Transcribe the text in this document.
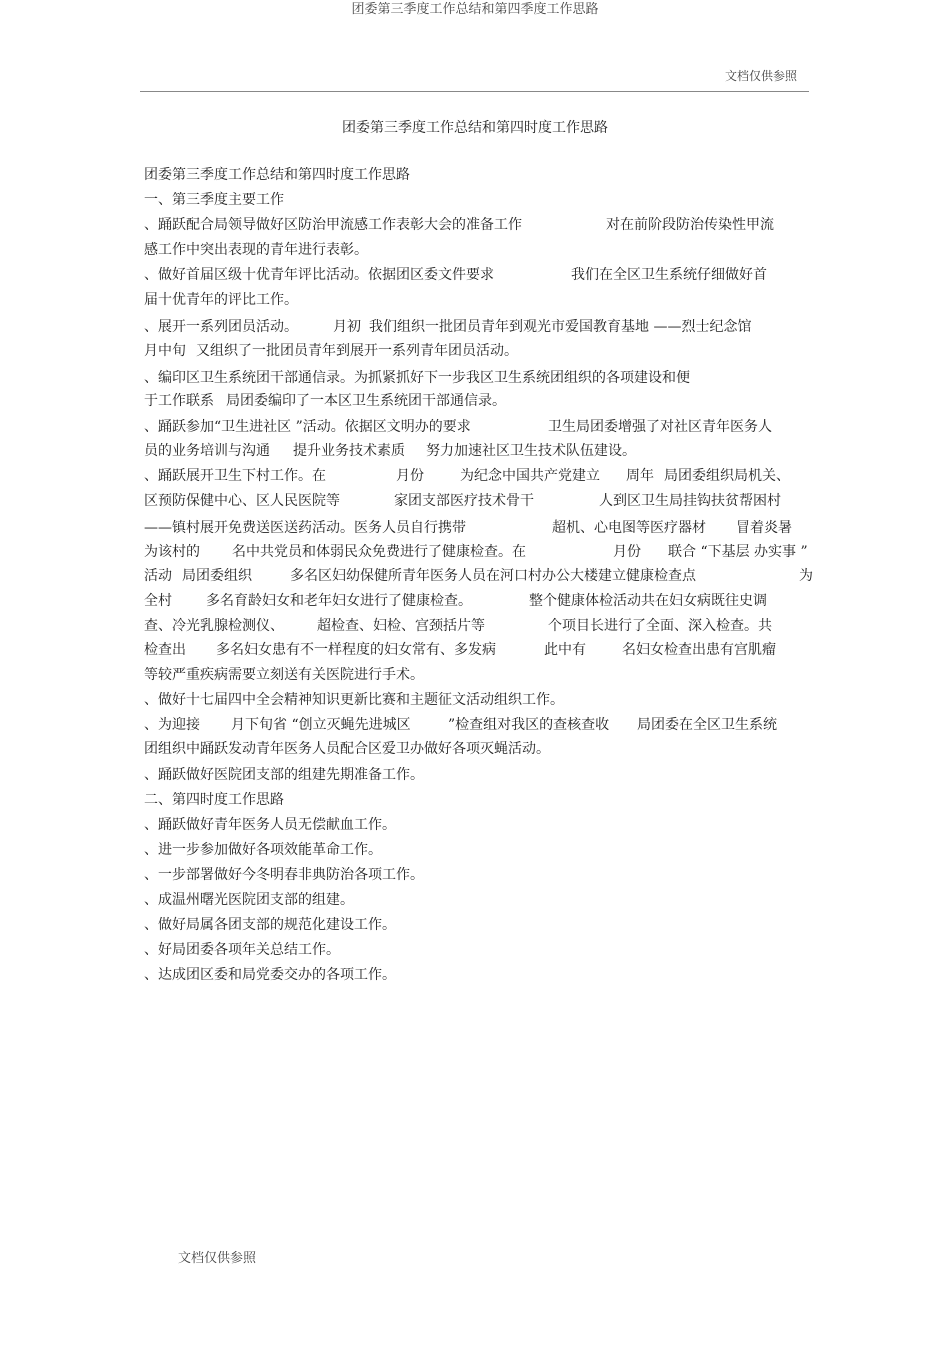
团委第三季度工作总结和第四季度工作思路
文档仅供参照
团委第三季度工作总结和第四时度工作思路
团委第三季度工作总结和第四时度工作思路
一、第三季度主要工作
、踊跃配合局领导做好区防治甲流感工作表彰大会的准备工作	对在前阶段防治传染性甲流
感工作中突出表现的青年进行表彰。
、做好首届区级十优青年评比活动。依据团区委文件要求	我们在全区卫生系统仔细做好首
届十优青年的评比工作。
、展开一系列团员活动。	月初 我们组织一批团员青年到观光市爱国教育基地 ——烈士纪念馆
月中旬 又组织了一批团员青年到展开一系列青年团员活动。
、编印区卫生系统团干部通信录。为抓紧抓好下一步我区卫生系统团组织的各项建设和便
于工作联系 局团委编印了一本区卫生系统团干部通信录。
、踊跃参加“卫生进社区 ”活动。依据区文明办的要求	卫生局团委增强了对社区青年医务人
员的业务培训与沟通 提升业务技术素质 努力加速社区卫生技术队伍建设。
、踊跃展开卫生下村工作。在	月份	为纪念中国共产党建立 周年 局团委组织局机关、
区预防保健中心、区人民医院等	家团支部医疗技术骨干	人到区卫生局挂钩扶贫帮困村
——镇村展开免费送医送药活动。医务人员自行携带	超机、心电图等医疗器材 冒着炎暑
为该村的 名中共党员和体弱民众免费进行了健康检查。在	月份 联合 “下基层 办实事 ”
活动 局团委组织	多名区妇幼保健所青年医务人员在河口村办公大楼建立健康检查点	为
全村 多名育龄妇女和老年妇女进行了健康检查。	整个健康体检活动共在妇女病既往史调
查、冷光乳腺检测仪、 超检查、妇检、宫颈括片等	个项目长进行了全面、深入检查。共
检查出 多名妇女患有不一样程度的妇女常有、多发病	此中有	名妇女检查出患有宫肌瘤
等较严重疾病需要立刻送有关医院进行手术。
、做好十七届四中全会精神知识更新比赛和主题征文活动组织工作。
、为迎接 月下旬省 “创立灭蝇先进城区	”检查组对我区的查核查收 局团委在全区卫生系统
团组织中踊跃发动青年医务人员配合区爱卫办做好各项灭蝇活动。
、踊跃做好医院团支部的组建先期准备工作。
二、第四时度工作思路
、踊跃做好青年医务人员无偿献血工作。
、进一步参加做好各项效能革命工作。
、一步部署做好今冬明春非典防治各项工作。
、成温州曙光医院团支部的组建。
、做好局属各团支部的规范化建设工作。
、好局团委各项年关总结工作。
、达成团区委和局党委交办的各项工作。
文档仅供参照
